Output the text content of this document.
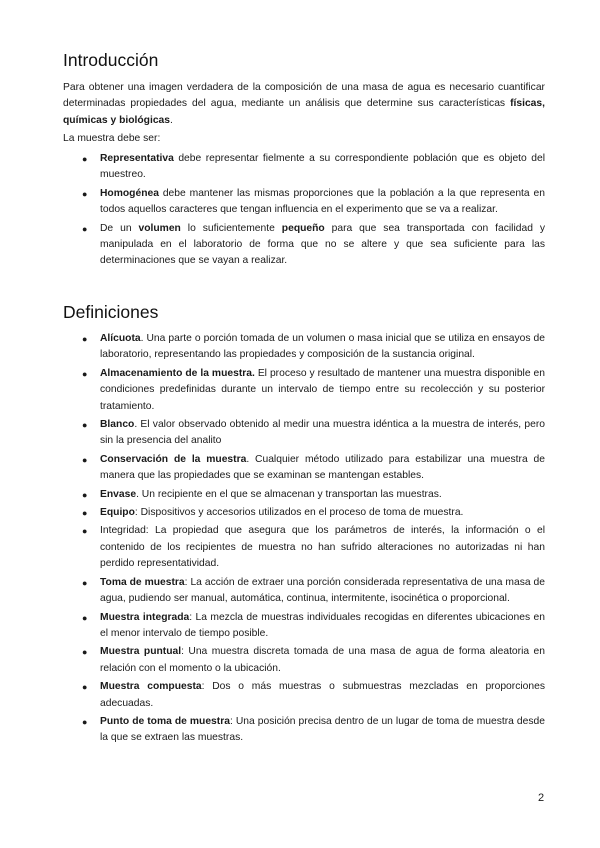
Introducción

Para obtener una imagen verdadera de la composición de una masa de agua es necesario cuantificar determinadas propiedades del agua, mediante un análisis que determine sus características físicas, químicas y biológicas.

La muestra debe ser:

● Representativa debe representar fielmente a su correspondiente población que es objeto del muestreo.
● Homogénea debe mantener las mismas proporciones que la población a la que representa en todos aquellos caracteres que tengan influencia en el experimento que se va a realizar.
● De un volumen lo suficientemente pequeño para que sea transportada con facilidad y manipulada en el laboratorio de forma que no se altere y que sea suficiente para las determinaciones que se vayan a realizar.
Definiciones
● Alícuota. Una parte o porción tomada de un volumen o masa inicial que se utiliza en ensayos de laboratorio, representando las propiedades y composición de la sustancia original.
● Almacenamiento de la muestra. El proceso y resultado de mantener una muestra disponible en condiciones predefinidas durante un intervalo de tiempo entre su recolección y su posterior tratamiento.
● Blanco. El valor observado obtenido al medir una muestra idéntica a la muestra de interés, pero sin la presencia del analito
● Conservación de la muestra. Cualquier método utilizado para estabilizar una muestra de manera que las propiedades que se examinan se mantengan estables.
● Envase. Un recipiente en el que se almacenan y transportan las muestras.
● Equipo: Dispositivos y accesorios utilizados en el proceso de toma de muestra.
● Integridad: La propiedad que asegura que los parámetros de interés, la información o el contenido de los recipientes de muestra no han sufrido alteraciones no autorizadas ni han perdido representatividad.
● Toma de muestra: La acción de extraer una porción considerada representativa de una masa de agua, pudiendo ser manual, automática, continua, intermitente, isocinética o proporcional.
● Muestra integrada: La mezcla de muestras individuales recogidas en diferentes ubicaciones en el menor intervalo de tiempo posible.
● Muestra puntual: Una muestra discreta tomada de una masa de agua de forma aleatoria en relación con el momento o la ubicación.
● Muestra compuesta: Dos o más muestras o submuestras mezcladas en proporciones adecuadas.
● Punto de toma de muestra: Una posición precisa dentro de un lugar de toma de muestra desde la que se extraen las muestras.
2
